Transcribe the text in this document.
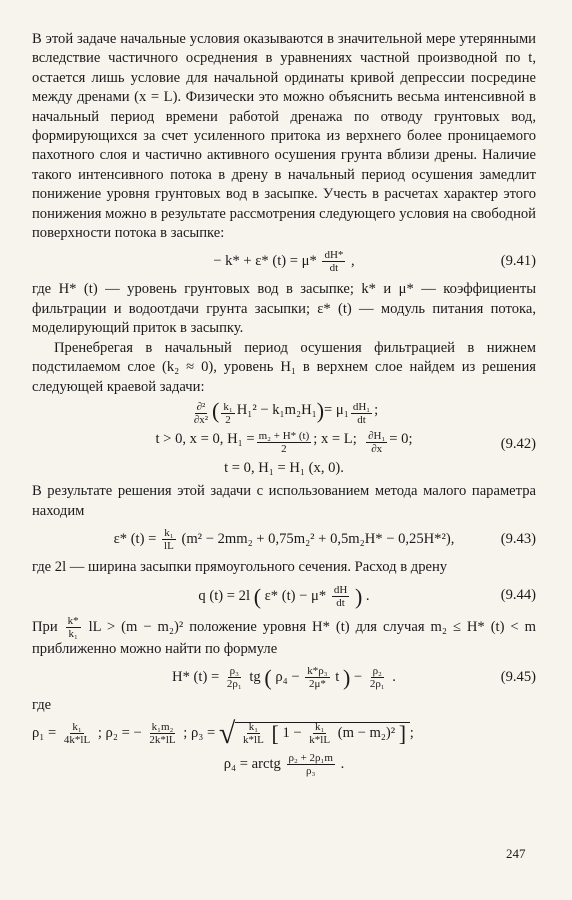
В этой задаче начальные условия оказываются в значительной мере утерянными вследствие частичного осреднения в уравнениях частной производной по t, остается лишь условие для начальной ординаты кривой депрессии посредине между дренами (x = L). Физически это можно объяснить весьма интенсивной в начальный период времени работой дренажа по отводу грунтовых вод, формирующихся за счет усиленного притока из верхнего более проницаемого пахотного слоя и частично активного осушения грунта вблизи дрены. Наличие такого интенсивного потока в дрену в начальный период осушения замедлит понижение уровня грунтовых вод в засыпке. Учесть в расчетах характер этого понижения можно в результате рассмотрения следующего условия на свободной поверхности потока в засыпке:

− k* + ε* $(t) = \mu* \frac{dH*}{dt}$ ,	(9.41)

где H* (t) — уровень грунтовых вод в засыпке; k* и μ* — коэффициенты фильтрации и водоотдачи грунта засыпки; ε* (t) — модуль питания потока, моделирующий приток в засыпку.

Пренебрегая в начальный период осушения фильтрацией в нижнем подстилаемом слое (k₂ ≈ 0), уровень H₁ в верхнем слое найдем из решения следующей краевой задачи:

$\frac{\text{∂²}}{\text{∂x²}}$ ( $\frac{\text{k₁}}{2} H_1^2 - k_1m_2H_1$ ) = $\mu_1 \frac{\text{dH₁}}{dt}$ ;
t > 0, x = 0, $H_1 = \frac{\text{m₂ + H* (t)}}{2}$ ; x = L;
$\frac{\text{∂H₁}}{\partial x} = 0$;
t = 0, H₁ = H₁ (x, 0).
(9.42)

В результате решения этой задачи с использованием метода малого параметра находим

ε* $(t) = \frac{\text{k₁}}{lL} (m^2 - 2mm_2 + 0,75m_2^2 + 0,5m_2H* - 0,25H*^2)$,	(9.43)

где 2l — ширина засыпки прямоугольного сечения. Расход в дрену

q (t) = 2l ( ε* $(t) - \mu* \frac{dH}{dt}$ ) .	(9.44)

При $\frac{k*}{\text{k₁}}$ lL > (m − m₂)² положение уровня H* (t) для случая m₂ ≤ H* (t) < m приближенно можно найти по формуле

H* $(t) = \frac{\text{ρ₃}}{\text{2ρ₁}}$ tg ( $\rho_4 - \frac{\text{k*ρ₃}}{2\mu*}$ t ) − $\frac{\text{ρ₂}}{\text{2ρ₁}}$ .	(9.45)

где

$\rho_1 = \frac{\text{k₁}}{4k*lL}$ ; ρ₂ = − $\frac{\text{k₁m₂}}{2k*lL}$ ; ρ₃ = √ $\frac{\text{k₁}}{k*lL}$ [ $1 - \frac{\text{k₁}}{k*lL} (m - m_2)^2$ ] ;
ρ₄ = arctg $\frac{\text{ρ₂ + 2ρ₁m}}{\text{ρ₃}}$ .
247
